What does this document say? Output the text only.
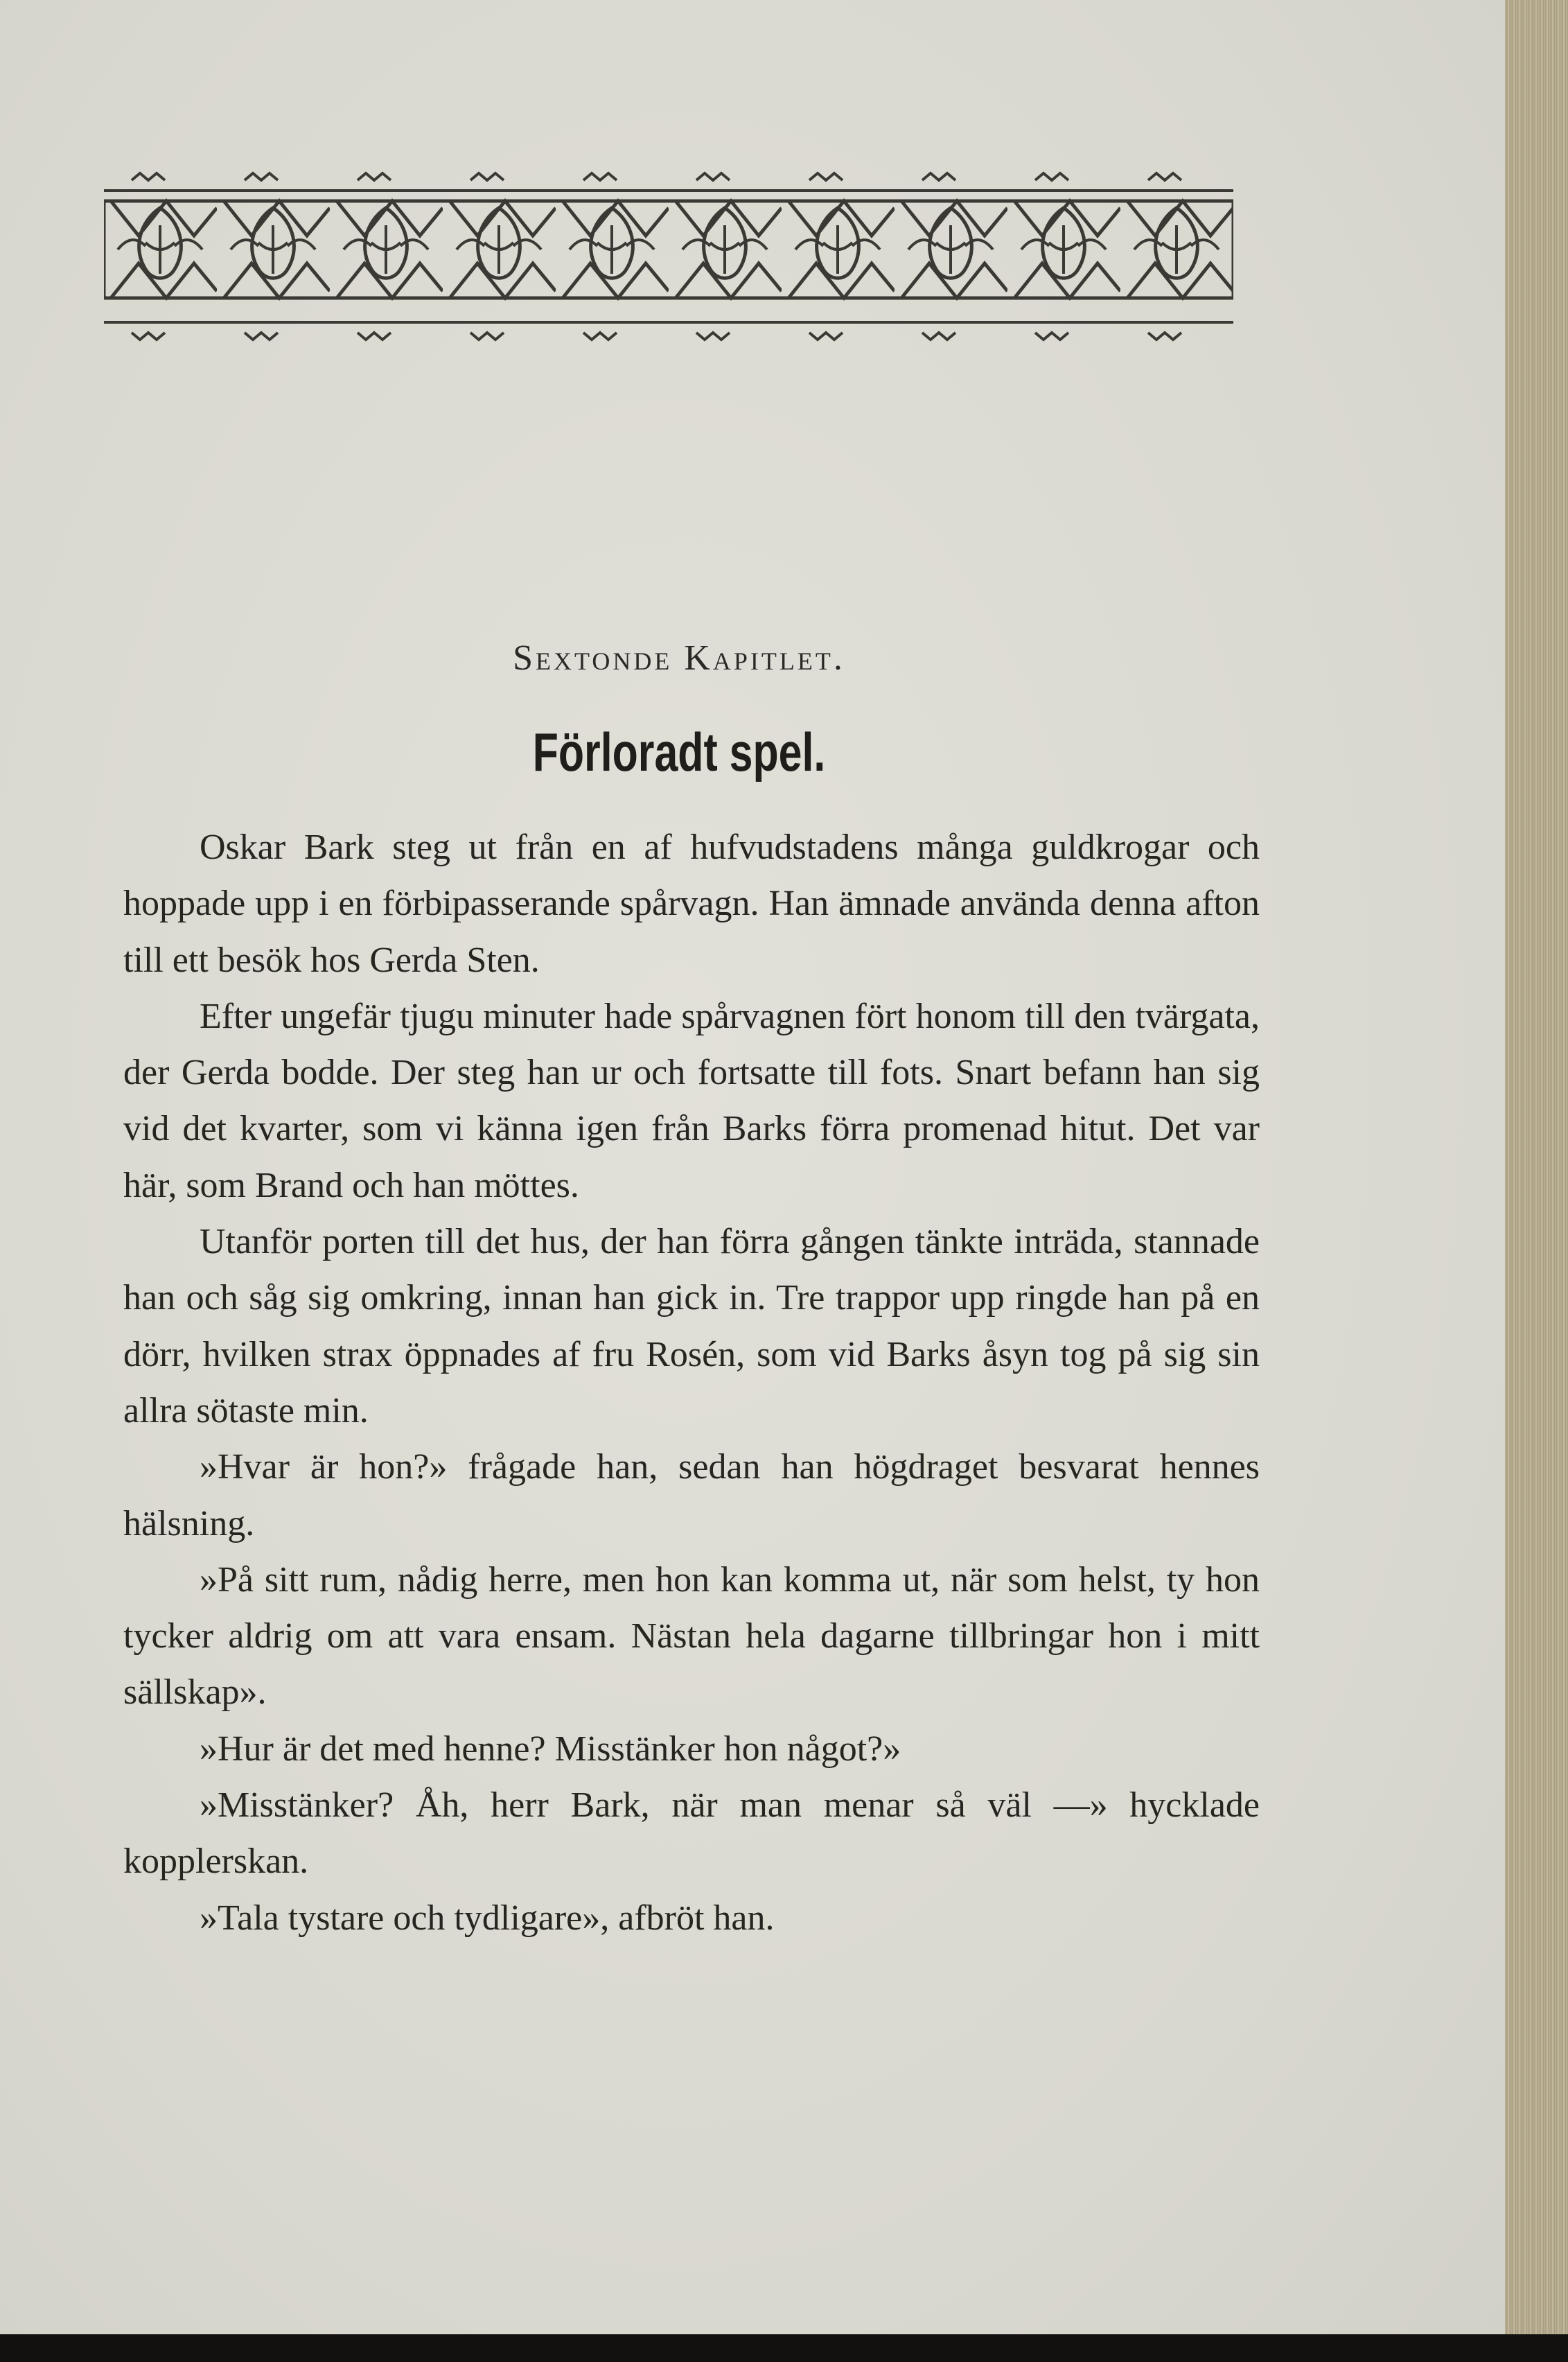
Sextonde Kapitlet.
Förloradt spel.

Oskar Bark steg ut från en af hufvudstadens många guldkrogar och hoppade upp i en förbipasserande spårvagn. Han ämnade använda denna afton till ett besök hos Gerda Sten.

Efter ungefär tjugu minuter hade spårvagnen fört honom till den tvärgata, der Gerda bodde. Der steg han ur och fortsatte till fots. Snart befann han sig vid det kvarter, som vi känna igen från Barks förra promenad hitut. Det var här, som Brand och han möttes.

Utanför porten till det hus, der han förra gången tänkte inträda, stannade han och såg sig omkring, innan han gick in. Tre trappor upp ringde han på en dörr, hvilken strax öppnades af fru Rosén, som vid Barks åsyn tog på sig sin allra sötaste min.

»Hvar är hon?» frågade han, sedan han högdraget besvarat hennes hälsning.

»På sitt rum, nådig herre, men hon kan komma ut, när som helst, ty hon tycker aldrig om att vara ensam. Nästan hela dagarne tillbringar hon i mitt sällskap».

»Hur är det med henne? Misstänker hon något?»

»Misstänker? Åh, herr Bark, när man menar så väl —» hycklade kopplerskan.

»Tala tystare och tydligare», afbröt han.
